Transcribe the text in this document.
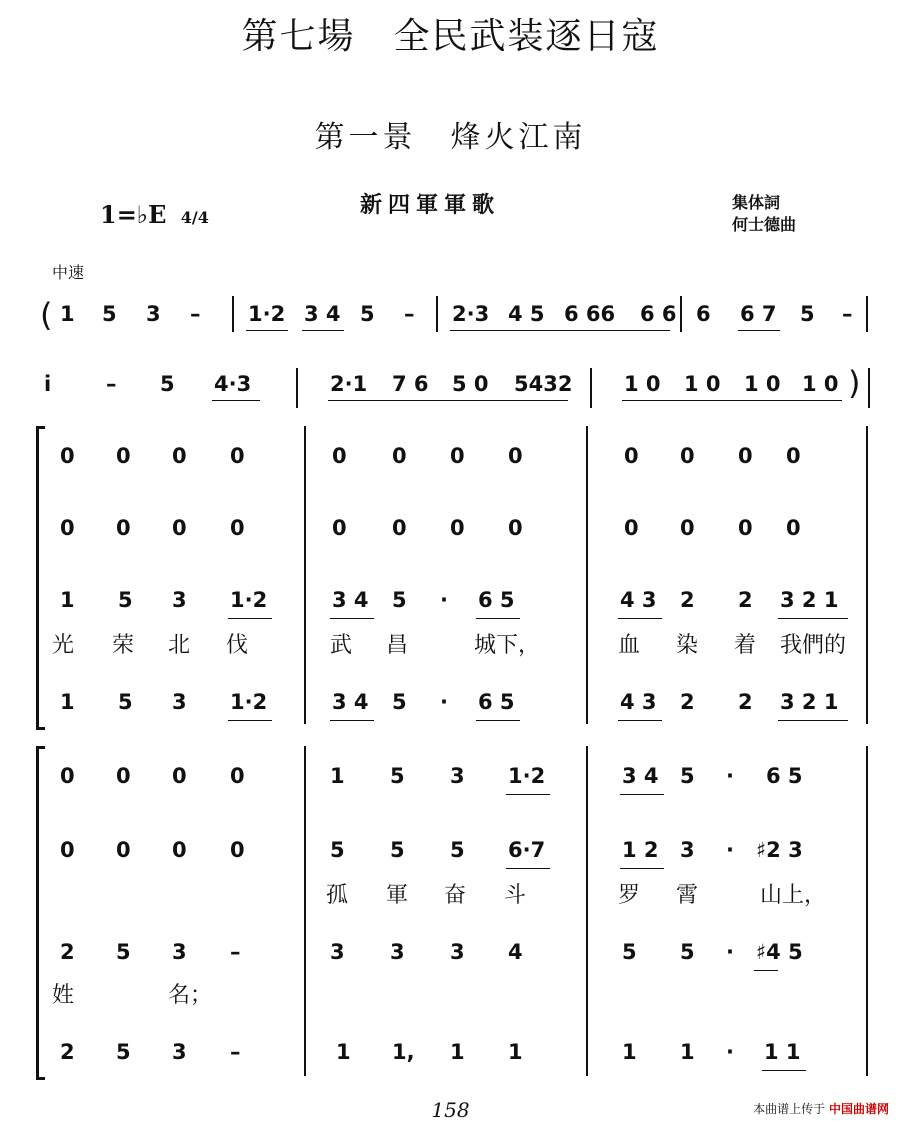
第七場　全民武装逐日寇
第一景　烽火江南
新四軍軍歌	集体詞
何士德曲
1=♭E 4/4
中速
( 1 5 3 – 1·2 3 4 5 – 2·3 4 5 6 66 6 6 6 6 7 5 –
i	– 5 4·3	2·1 7 6 5 0 5432 1 0 1 0 1 0 1 0 )
0 0 0 0	0 0 0 0	0 0 0 0
0 0 0 0	0 0 0 0	0 0 0 0
1 5 3 1·2	3 4 5 · 6 5	4 3 2 2 3 2 1
光 荣 北 伐	武 昌	城下，	血 染 着 我們的
1 5 3 1·2	3 4 5 · 6 5	4 3 2 2 3 2 1
0 0 0 0	1 5 3 1·2	3 4 5 · 6 5
0 0 0 0	5 5 5 6·7	1 2 3 · ♯2 3
孤 軍 奋 斗	罗 霄	山上，
2 5 3 –	3 3 3 4	5 5 · ♯4 5
姓	名；
2 5 3 –	1 1, 1 1	1 1 · 1 1
158	本曲谱上传于 中国曲谱网
